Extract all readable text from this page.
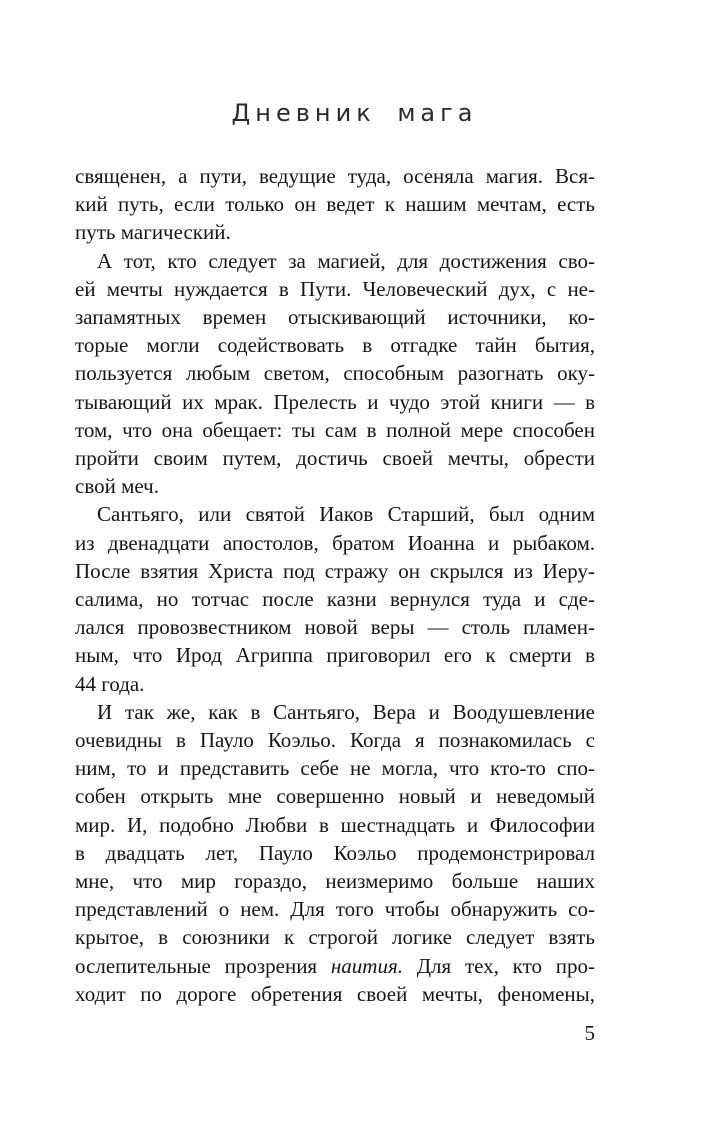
Дневник мага
священен, а пути, ведущие туда, осеняла магия. Вся-
кий путь, если только он ведет к нашим мечтам, есть
путь магический.
А тот, кто следует за магией, для достижения сво-
ей мечты нуждается в Пути. Человеческий дух, с не-
запамятных времен отыскивающий источники, ко-
торые могли содействовать в отгадке тайн бытия,
пользуется любым светом, способным разогнать оку-
тывающий их мрак. Прелесть и чудо этой книги — в
том, что она обещает: ты сам в полной мере способен
пройти своим путем, достичь своей мечты, обрести
свой меч.
Сантьяго, или святой Иаков Старший, был одним
из двенадцати апостолов, братом Иоанна и рыбаком.
После взятия Христа под стражу он скрылся из Иеру-
салима, но тотчас после казни вернулся туда и сде-
лался провозвестником новой веры — столь пламен-
ным, что Ирод Агриппа приговорил его к смерти в
44 года.
И так же, как в Сантьяго, Вера и Воодушевление
очевидны в Пауло Коэльо. Когда я познакомилась с
ним, то и представить себе не могла, что кто-то спо-
собен открыть мне совершенно новый и неведомый
мир. И, подобно Любви в шестнадцать и Философии
в двадцать лет, Пауло Коэльо продемонстрировал
мне, что мир гораздо, неизмеримо больше наших
представлений о нем. Для того чтобы обнаружить со-
крытое, в союзники к строгой логике следует взять
ослепительные прозрения наития. Для тех, кто про-
ходит по дороге обретения своей мечты, феномены,
5
